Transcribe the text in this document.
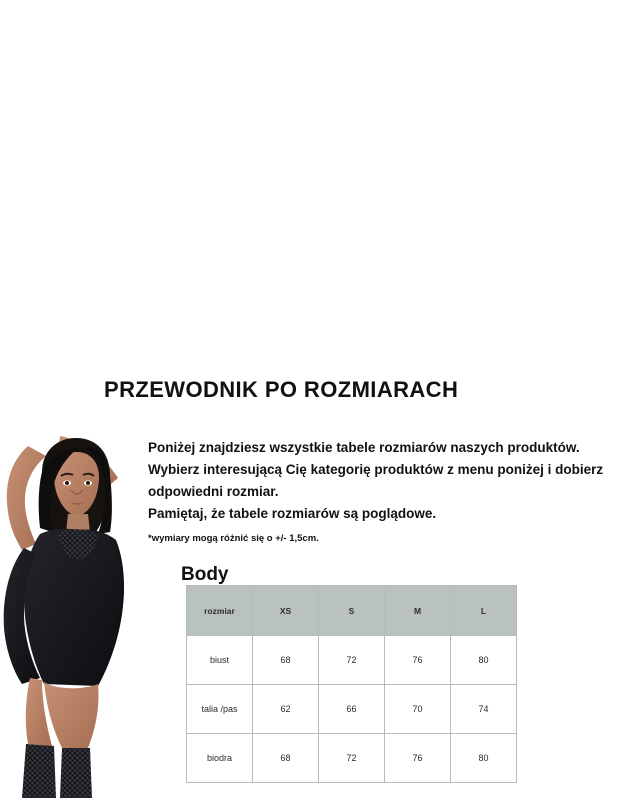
PRZEWODNIK PO ROZMIARACH
Poniżej znajdziesz wszystkie tabele rozmiarów naszych produktów.
Wybierz interesującą Cię kategorię produktów z menu poniżej i dobierz
odpowiedni rozmiar.
Pamiętaj, że tabele rozmiarów są poglądowe.
*wymiary mogą różnić się o +/- 1,5cm.
Body
rozmiar	XS	S	M	L
biust	68	72	76	80
talia /pas	62	66	70	74
biodra	68	72	76	80
